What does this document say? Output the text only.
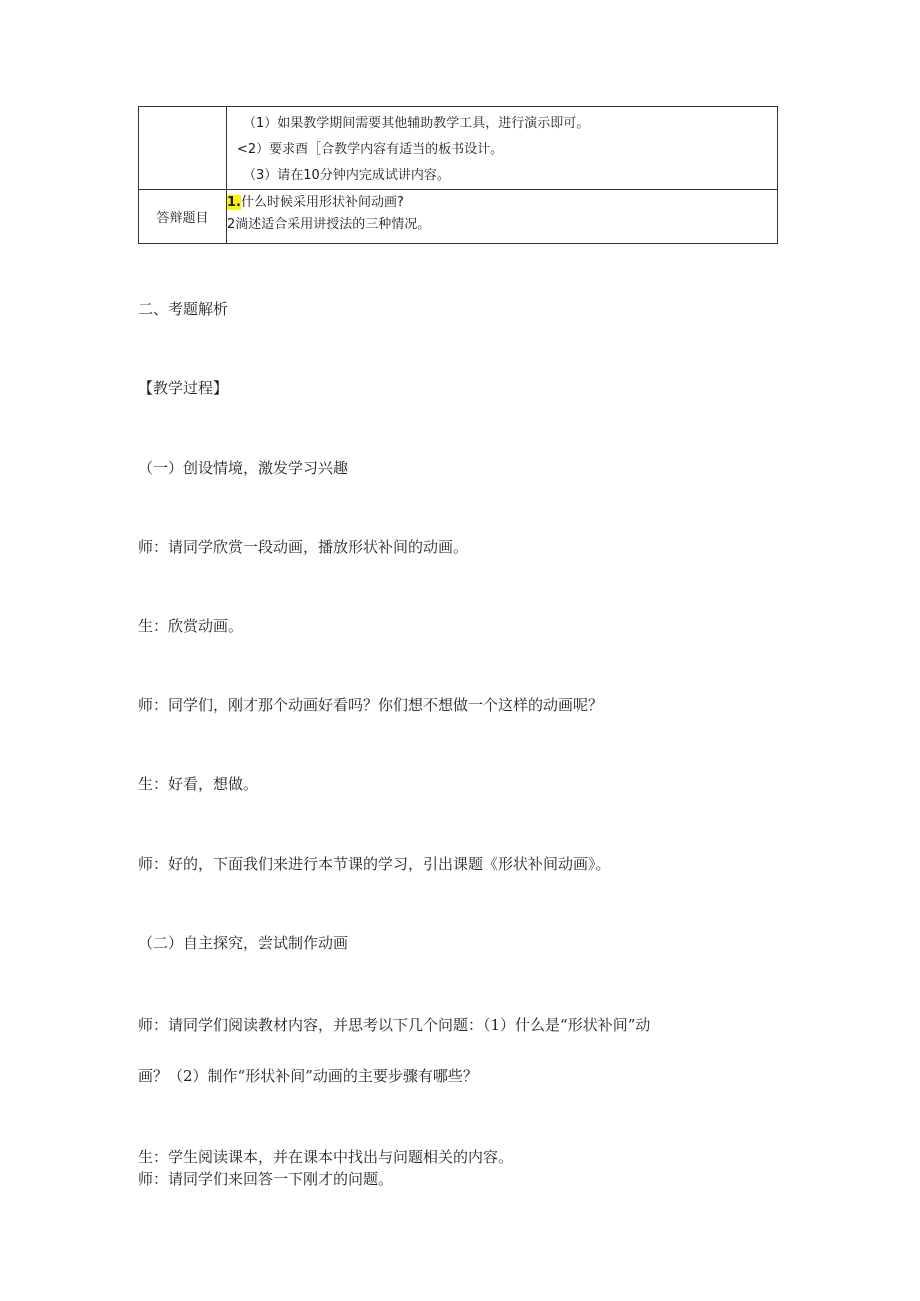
	（1）如果教学期间需要其他辅助教学工具，进行演示即可。
<2）要求酉［合教学内容有适当的板书设计。
（3）请在10分钟内完成试讲内容。

答辩题目	1.什么时候采用形状补间动画?
2淌述适合采用讲授法的三种情况。
二、考题解析
【教学过程】
（一）创设情境，激发学习兴趣
师：请同学欣赏一段动画，播放形状补间的动画。
生：欣赏动画。
师：同学们，刚才那个动画好看吗？你们想不想做一个这样的动画呢？
生：好看，想做。
师：好的，下面我们来进行本节课的学习，引出课题《形状补间动画》。
（二）自主探究，尝试制作动画
师：请同学们阅读教材内容，并思考以下几个问题：（1）什么是“形状补间”动
画？（2）制作“形状补间”动画的主要步骤有哪些？
生：学生阅读课本，并在课本中找出与问题相关的内容。
师：请同学们来回答一下刚才的问题。
